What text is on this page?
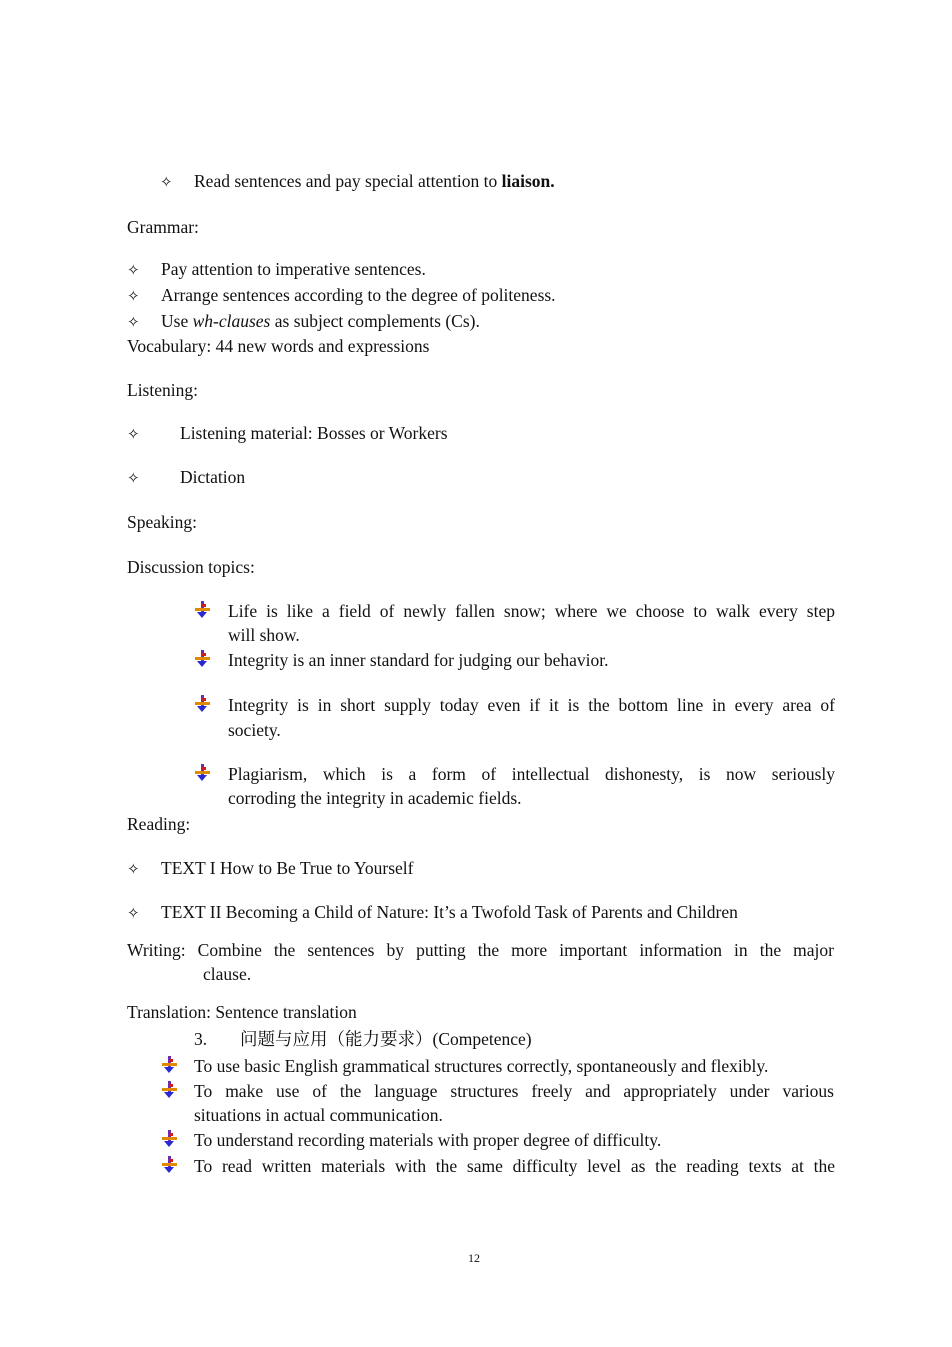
✧ Read sentences and pay special attention to liaison.
Grammar:
✧ Pay attention to imperative sentences.
✧ Arrange sentences according to the degree of politeness.
✧ Use wh-clauses as subject complements (Cs).
Vocabulary: 44 new words and expressions
Listening:
✧ Listening material: Bosses or Workers
✧ Dictation
Speaking:
Discussion topics:
Life is like a field of newly fallen snow; where we choose to walk every step
will show.
Integrity is an inner standard for judging our behavior.
Integrity is in short supply today even if it is the bottom line in every area of
society.
Plagiarism, which is a form of intellectual dishonesty, is now seriously
corroding the integrity in academic fields.
Reading:
✧ TEXT I How to Be True to Yourself
✧ TEXT II Becoming a Child of Nature: It’s a Twofold Task of Parents and Children
Writing: Combine the sentences by putting the more important information in the major
clause.
Translation: Sentence translation
3. 问题与应用（能力要求）(Competence)
To use basic English grammatical structures correctly, spontaneously and flexibly.
To make use of the language structures freely and appropriately under various
situations in actual communication.
To understand recording materials with proper degree of difficulty.
To read written materials with the same difficulty level as the reading texts at the
12
